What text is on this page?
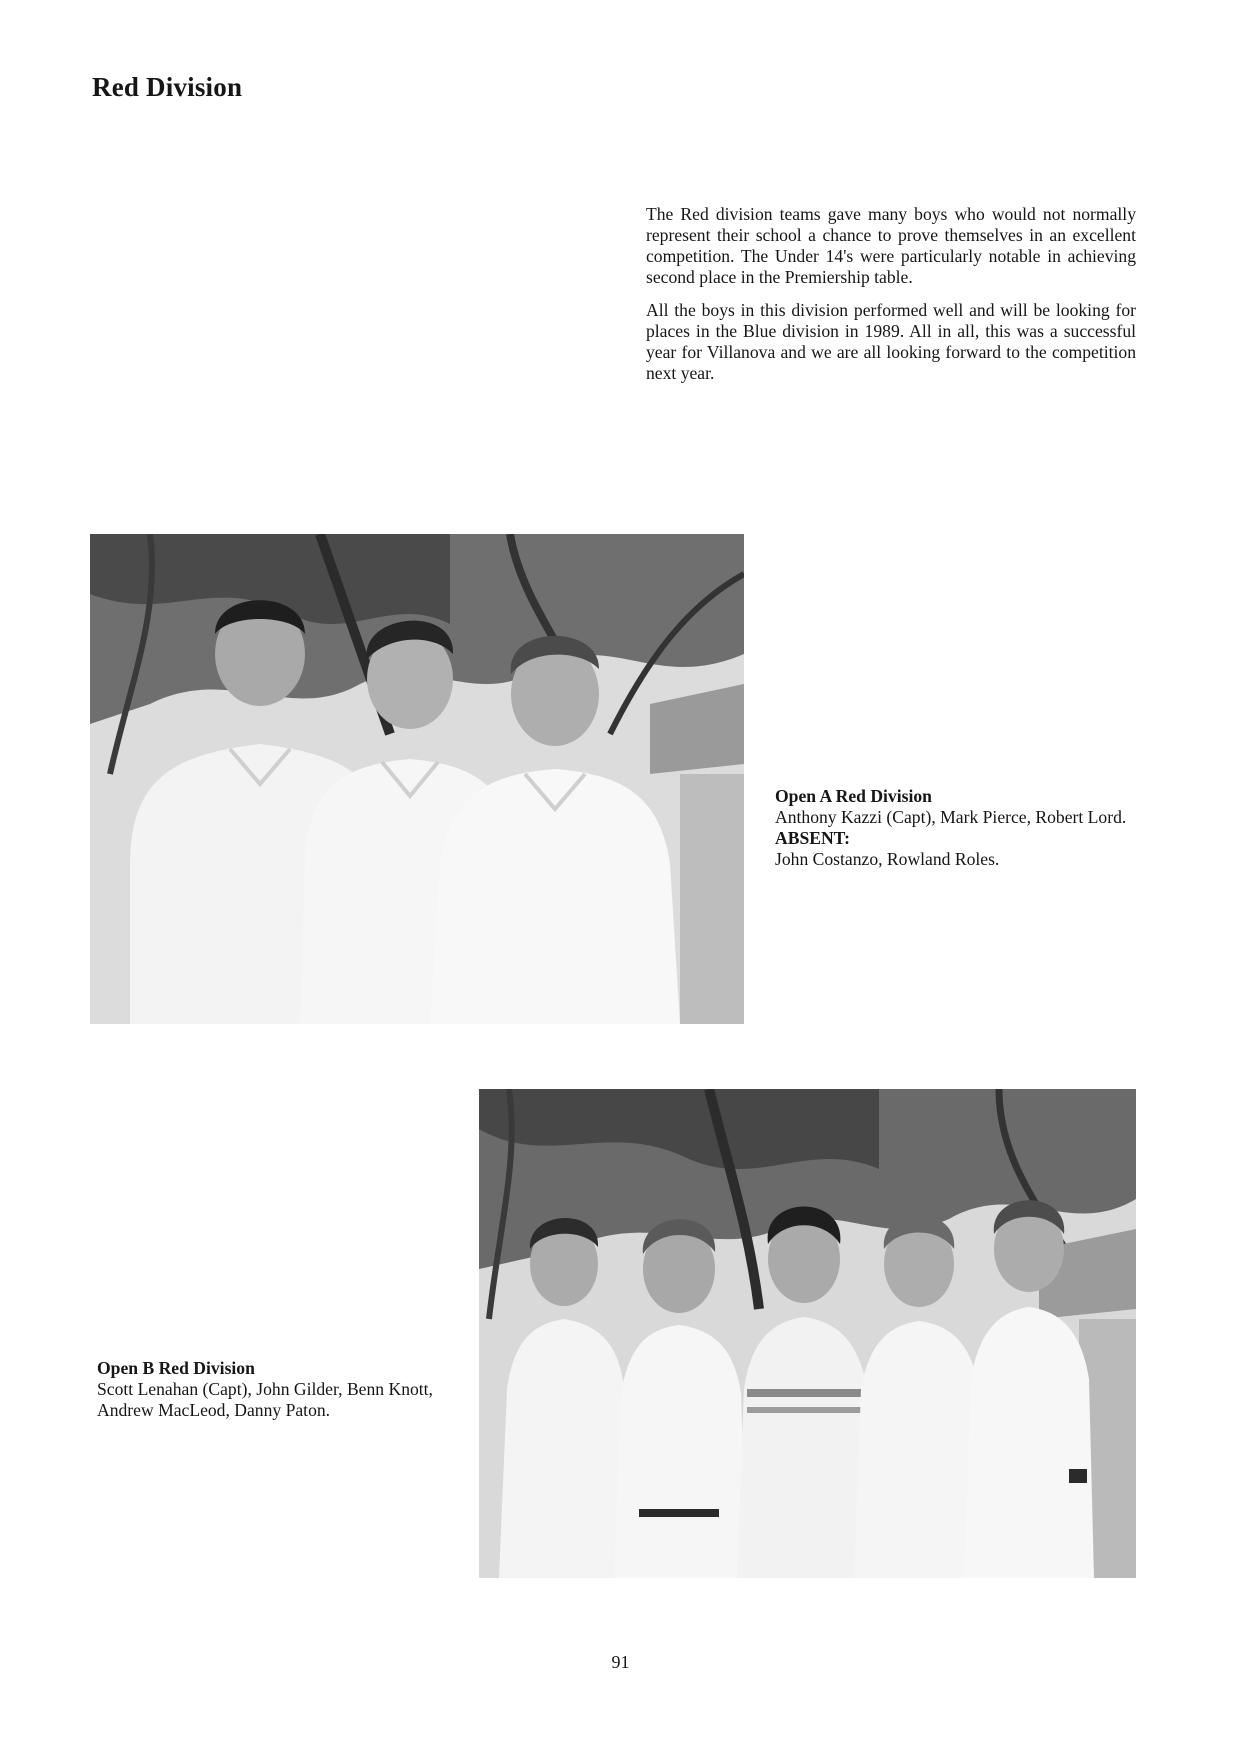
Red Division

The Red division teams gave many boys who would not normally represent their school a chance to prove themselves in an excellent competition. The Under 14's were particularly notable in achieving second place in the Premiership table.

All the boys in this division performed well and will be looking for places in the Blue division in 1989. All in all, this was a successful year for Villanova and we are all looking forward to the competition next year.

Open A Red Division
Anthony Kazzi (Capt), Mark Pierce, Robert Lord.
ABSENT:
John Costanzo, Rowland Roles.
Open B Red Division
Scott Lenahan (Capt), John Gilder, Benn Knott, Andrew MacLeod, Danny Paton.
91
